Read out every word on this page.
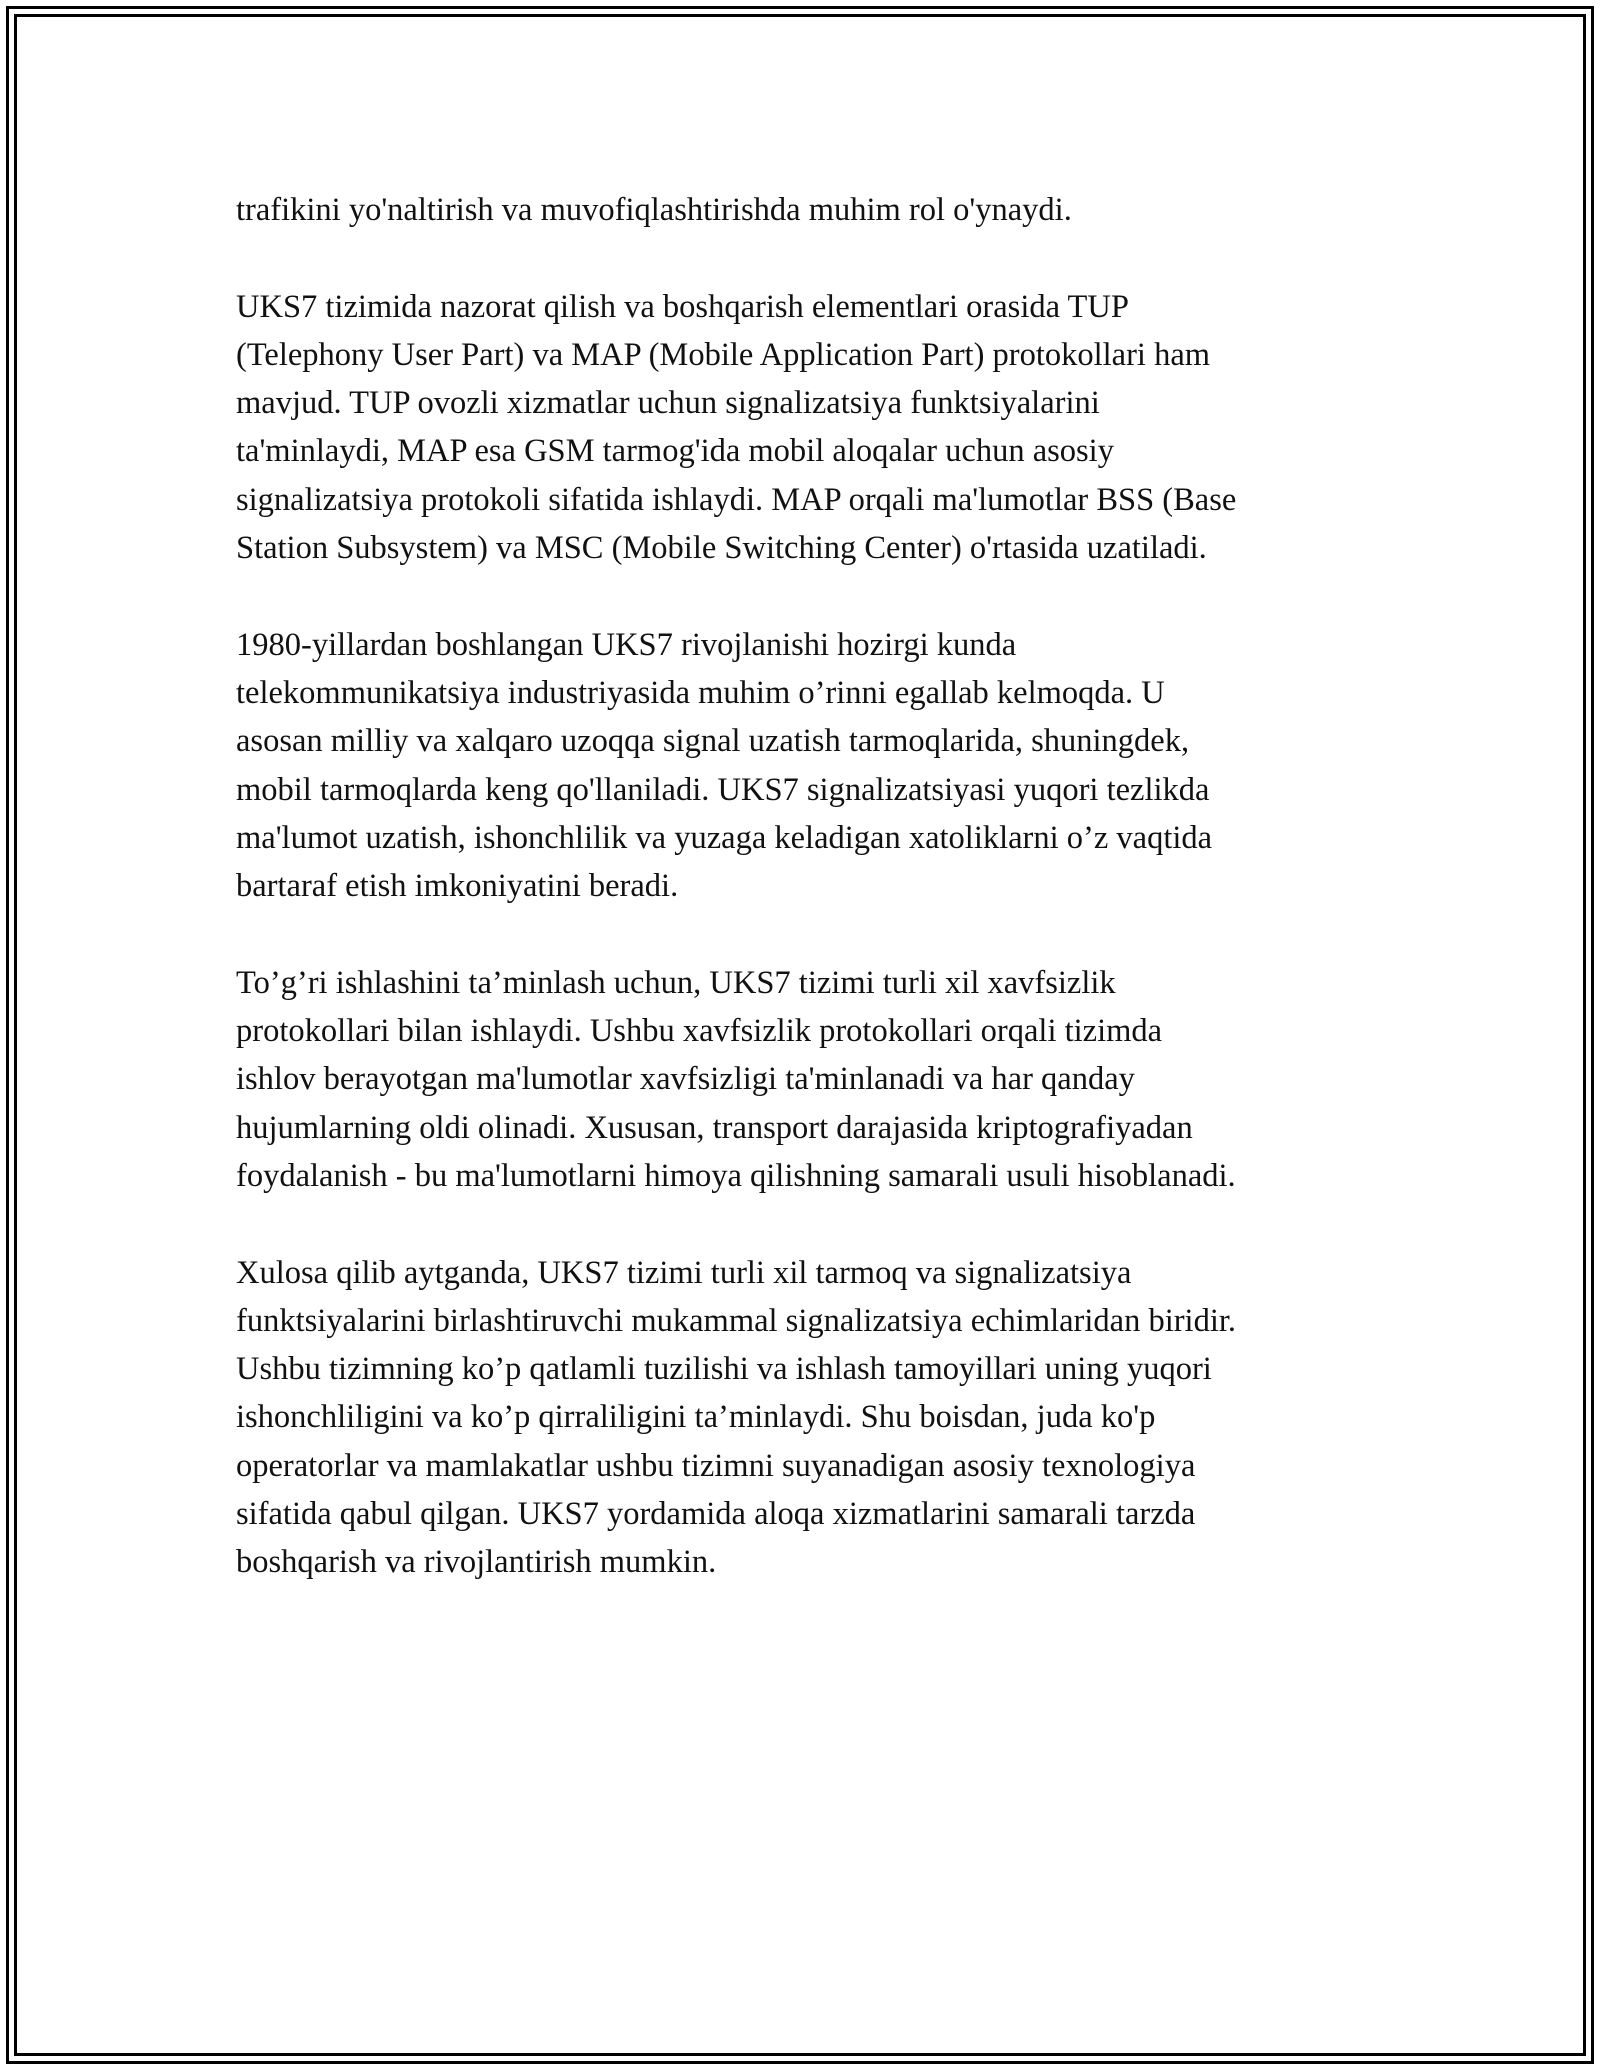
trafikini yo'naltirish va muvofiqlashtirishda muhim rol o'ynaydi.

UKS7 tizimida nazorat qilish va boshqarish elementlari orasida TUP
(Telephony User Part) va MAP (Mobile Application Part) protokollari ham
mavjud. TUP ovozli xizmatlar uchun signalizatsiya funktsiyalarini
ta'minlaydi, MAP esa GSM tarmog'ida mobil aloqalar uchun asosiy
signalizatsiya protokoli sifatida ishlaydi. MAP orqali ma'lumotlar BSS (Base
Station Subsystem) va MSC (Mobile Switching Center) o'rtasida uzatiladi.

1980-yillardan boshlangan UKS7 rivojlanishi hozirgi kunda
telekommunikatsiya industriyasida muhim o’rinni egallab kelmoqda. U
asosan milliy va xalqaro uzoqqa signal uzatish tarmoqlarida, shuningdek,
mobil tarmoqlarda keng qo'llaniladi. UKS7 signalizatsiyasi yuqori tezlikda
ma'lumot uzatish, ishonchlilik va yuzaga keladigan xatoliklarni o’z vaqtida
bartaraf etish imkoniyatini beradi.

To’g’ri ishlashini ta’minlash uchun, UKS7 tizimi turli xil xavfsizlik
protokollari bilan ishlaydi. Ushbu xavfsizlik protokollari orqali tizimda
ishlov berayotgan ma'lumotlar xavfsizligi ta'minlanadi va har qanday
hujumlarning oldi olinadi. Xususan, transport darajasida kriptografiyadan
foydalanish - bu ma'lumotlarni himoya qilishning samarali usuli hisoblanadi.

Xulosa qilib aytganda, UKS7 tizimi turli xil tarmoq va signalizatsiya
funktsiyalarini birlashtiruvchi mukammal signalizatsiya echimlaridan biridir.
Ushbu tizimning ko’p qatlamli tuzilishi va ishlash tamoyillari uning yuqori
ishonchliligini va ko’p qirraliligini ta’minlaydi. Shu boisdan, juda ko'p
operatorlar va mamlakatlar ushbu tizimni suyanadigan asosiy texnologiya
sifatida qabul qilgan. UKS7 yordamida aloqa xizmatlarini samarali tarzda
boshqarish va rivojlantirish mumkin.
